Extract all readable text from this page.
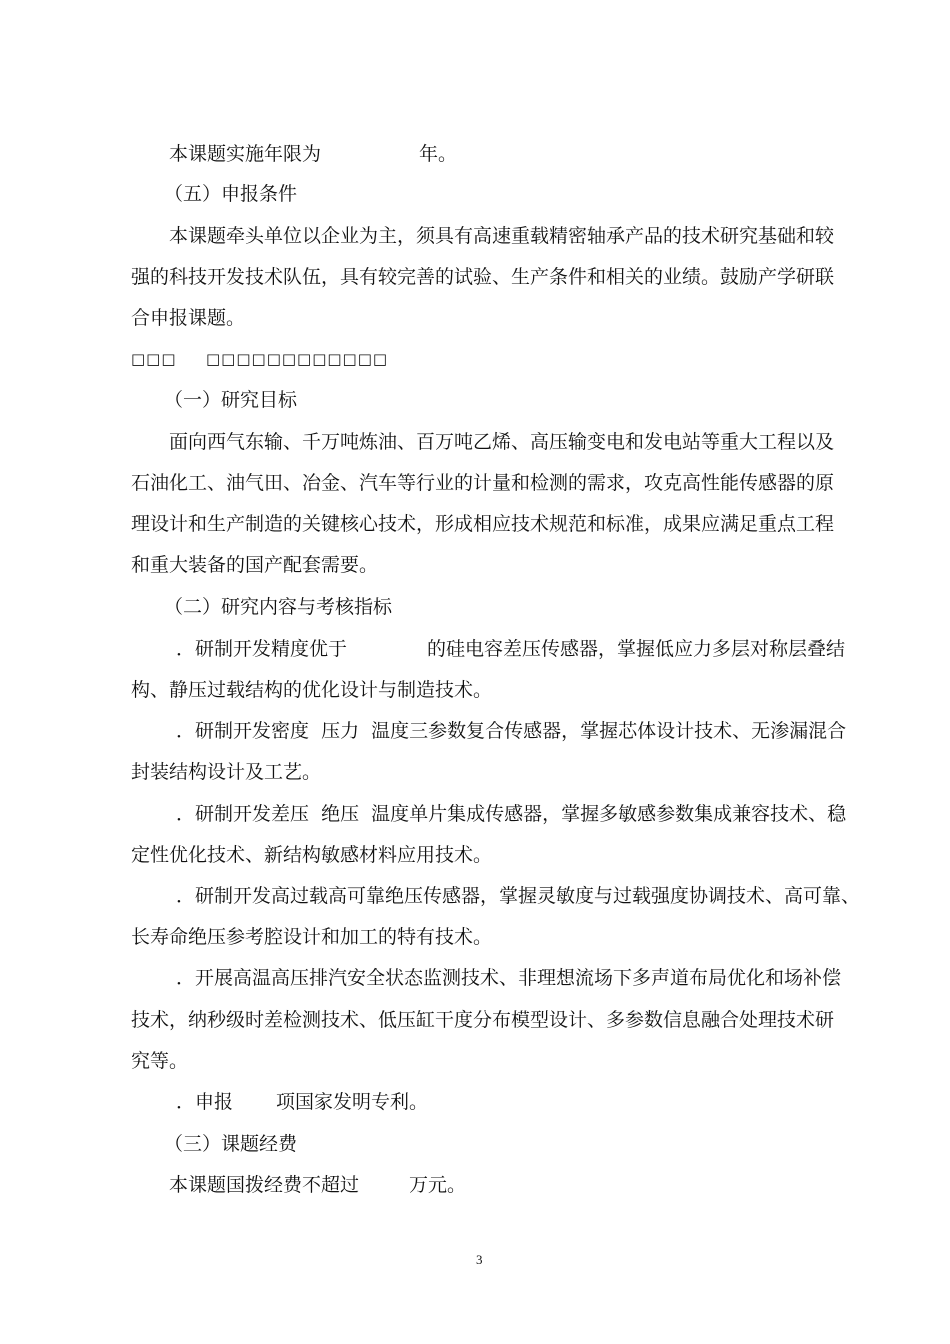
本课题实施年限为	年。
（五）申报条件
本课题牵头单位以企业为主，须具有高速重载精密轴承产品的技术研究基础和较
强的科技开发技术队伍，具有较完善的试验、生产条件和相关的业绩。鼓励产学研联
合申报课题。
□□□ □□□□□□□□□□□□
（一）研究目标
面向西气东输、千万吨炼油、百万吨乙烯、高压输变电和发电站等重大工程以及
石油化工、油气田、冶金、汽车等行业的计量和检测的需求，攻克高性能传感器的原
理设计和生产制造的关键核心技术，形成相应技术规范和标准，成果应满足重点工程
和重大装备的国产配套需要。
（二）研究内容与考核指标
．研制开发精度优于	的硅电容差压传感器，掌握低应力多层对称层叠结
构、静压过载结构的优化设计与制造技术。
．研制开发密度  压力  温度三参数复合传感器，掌握芯体设计技术、无渗漏混合
封装结构设计及工艺。
．研制开发差压  绝压  温度单片集成传感器，掌握多敏感参数集成兼容技术、稳
定性优化技术、新结构敏感材料应用技术。
．研制开发高过载高可靠绝压传感器，掌握灵敏度与过载强度协调技术、高可靠、
长寿命绝压参考腔设计和加工的特有技术。
．开展高温高压排汽安全状态监测技术、非理想流场下多声道布局优化和场补偿
技术，纳秒级时差检测技术、低压缸干度分布模型设计、多参数信息融合处理技术研
究等。
．申报 项国家发明专利。
（三）课题经费
本课题国拨经费不超过	万元。
3
